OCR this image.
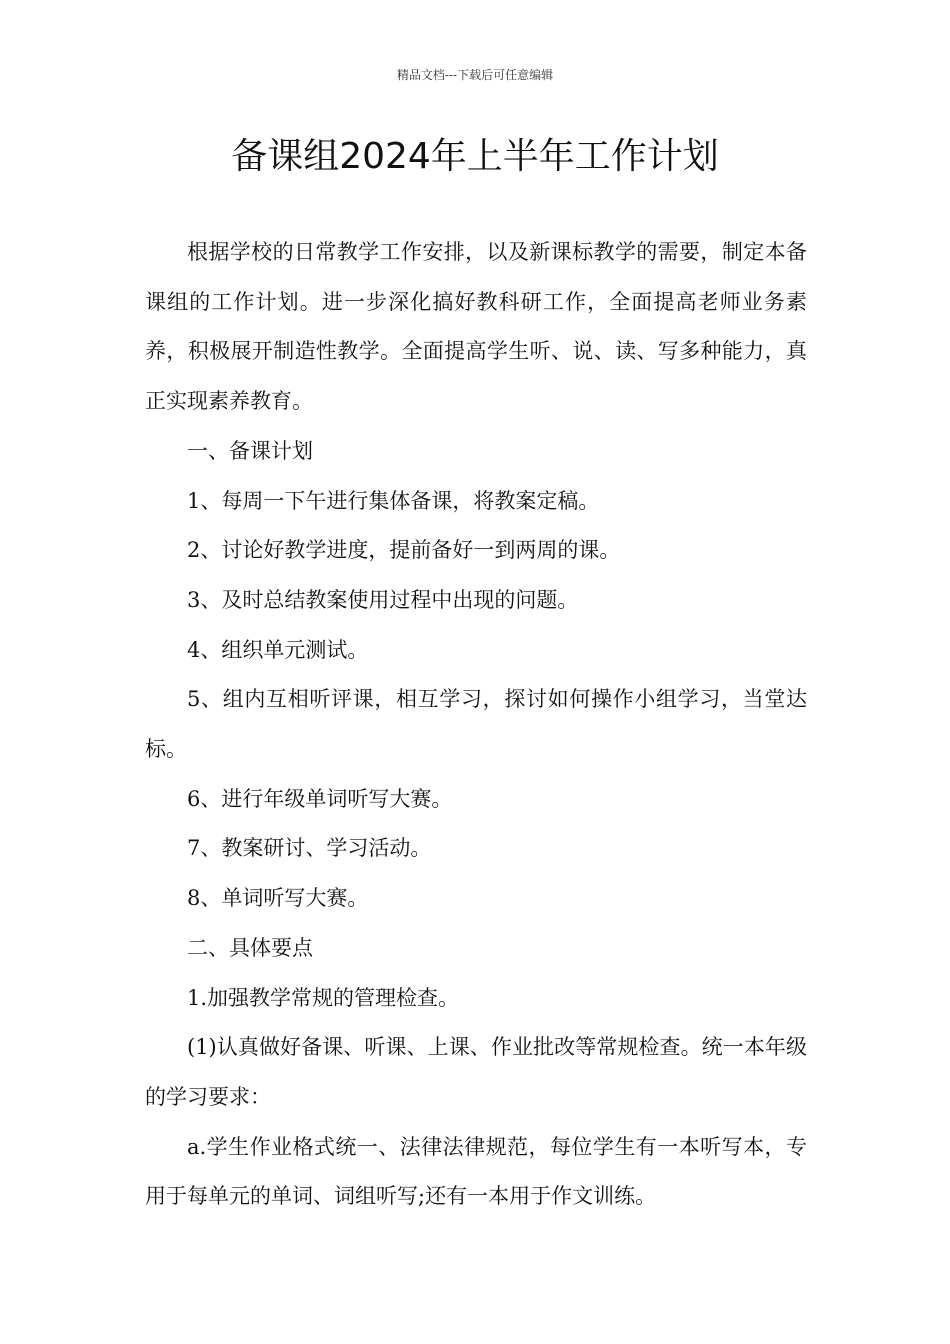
精品文档---下载后可任意编辑
备课组2024年上半年工作计划

根据学校的日常教学工作安排，以及新课标教学的需要，制定本备课组的工作计划。进一步深化搞好教科研工作，全面提高老师业务素养，积极展开制造性教学。全面提高学生听、说、读、写多种能力，真正实现素养教育。

一、备课计划

1、每周一下午进行集体备课，将教案定稿。

2、讨论好教学进度，提前备好一到两周的课。

3、及时总结教案使用过程中出现的问题。

4、组织单元测试。

5、组内互相听评课，相互学习，探讨如何操作小组学习，当堂达标。

6、进行年级单词听写大赛。

7、教案研讨、学习活动。

8、单词听写大赛。

二、具体要点

1.加强教学常规的管理检查。

(1)认真做好备课、听课、上课、作业批改等常规检查。统一本年级的学习要求：

a.学生作业格式统一、法律法律规范，每位学生有一本听写本，专用于每单元的单词、词组听写;还有一本用于作文训练。
